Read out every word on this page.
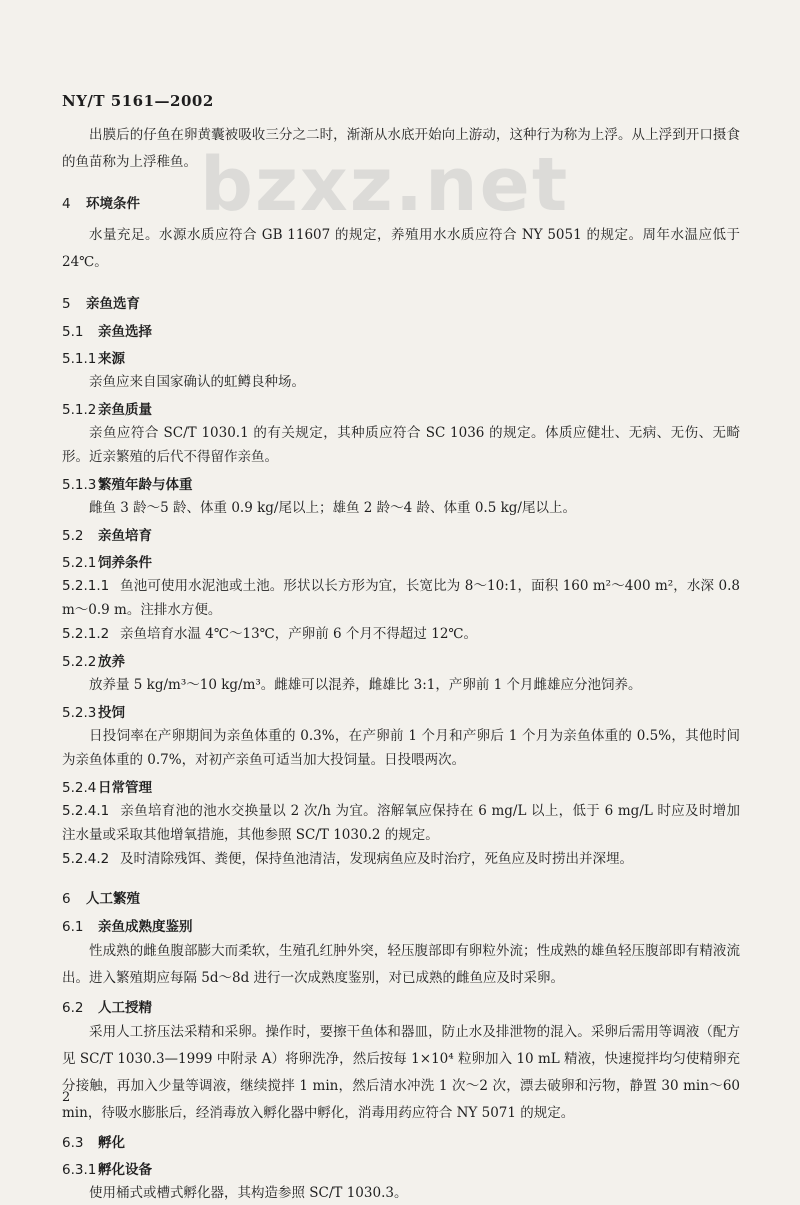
bzxz.net
NY/T 5161—2002

出膜后的仔鱼在卵黄囊被吸收三分之二时，渐渐从水底开始向上游动，这种行为称为上浮。从上浮到开口摄食的鱼苗称为上浮稚鱼。

4 环境条件

水量充足。水源水质应符合 GB 11607 的规定，养殖用水水质应符合 NY 5051 的规定。周年水温应低于 24℃。

5 亲鱼选育
5.1 亲鱼选择
5.1.1 来源

亲鱼应来自国家确认的虹鳟良种场。

5.1.2 亲鱼质量

亲鱼应符合 SC/T 1030.1 的有关规定，其种质应符合 SC 1036 的规定。体质应健壮、无病、无伤、无畸形。近亲繁殖的后代不得留作亲鱼。

5.1.3 繁殖年龄与体重

雌鱼 3 龄～5 龄、体重 0.9 kg/尾以上；雄鱼 2 龄～4 龄、体重 0.5 kg/尾以上。

5.2 亲鱼培育
5.2.1 饲养条件

5.2.1.1 鱼池可使用水泥池或土池。形状以长方形为宜，长宽比为 8～10:1，面积 160 m²～400 m²，水深 0.8 m～0.9 m。注排水方便。

5.2.1.2 亲鱼培育水温 4℃～13℃，产卵前 6 个月不得超过 12℃。

5.2.2 放养

放养量 5 kg/m³～10 kg/m³。雌雄可以混养，雌雄比 3:1，产卵前 1 个月雌雄应分池饲养。

5.2.3 投饲

日投饲率在产卵期间为亲鱼体重的 0.3%，在产卵前 1 个月和产卵后 1 个月为亲鱼体重的 0.5%，其他时间为亲鱼体重的 0.7%，对初产亲鱼可适当加大投饲量。日投喂两次。

5.2.4 日常管理

5.2.4.1 亲鱼培育池的池水交换量以 2 次/h 为宜。溶解氧应保持在 6 mg/L 以上，低于 6 mg/L 时应及时增加注水量或采取其他增氧措施，其他参照 SC/T 1030.2 的规定。

5.2.4.2 及时清除残饵、粪便，保持鱼池清洁，发现病鱼应及时治疗，死鱼应及时捞出并深埋。

6 人工繁殖
6.1 亲鱼成熟度鉴别

性成熟的雌鱼腹部膨大而柔软，生殖孔红肿外突，轻压腹部即有卵粒外流；性成熟的雄鱼轻压腹部即有精液流出。进入繁殖期应每隔 5d～8d 进行一次成熟度鉴别，对已成熟的雌鱼应及时采卵。

6.2 人工授精

采用人工挤压法采精和采卵。操作时，要擦干鱼体和器皿，防止水及排泄物的混入。采卵后需用等调液（配方见 SC/T 1030.3—1999 中附录 A）将卵洗净，然后按每 1×10⁴ 粒卵加入 10 mL 精液，快速搅拌均匀使精卵充分接触，再加入少量等调液，继续搅拌 1 min，然后清水冲洗 1 次～2 次，漂去破卵和污物，静置 30 min～60 min，待吸水膨胀后，经消毒放入孵化器中孵化，消毒用药应符合 NY 5071 的规定。

6.3 孵化
6.3.1 孵化设备

使用桶式或槽式孵化器，其构造参照 SC/T 1030.3。

2
